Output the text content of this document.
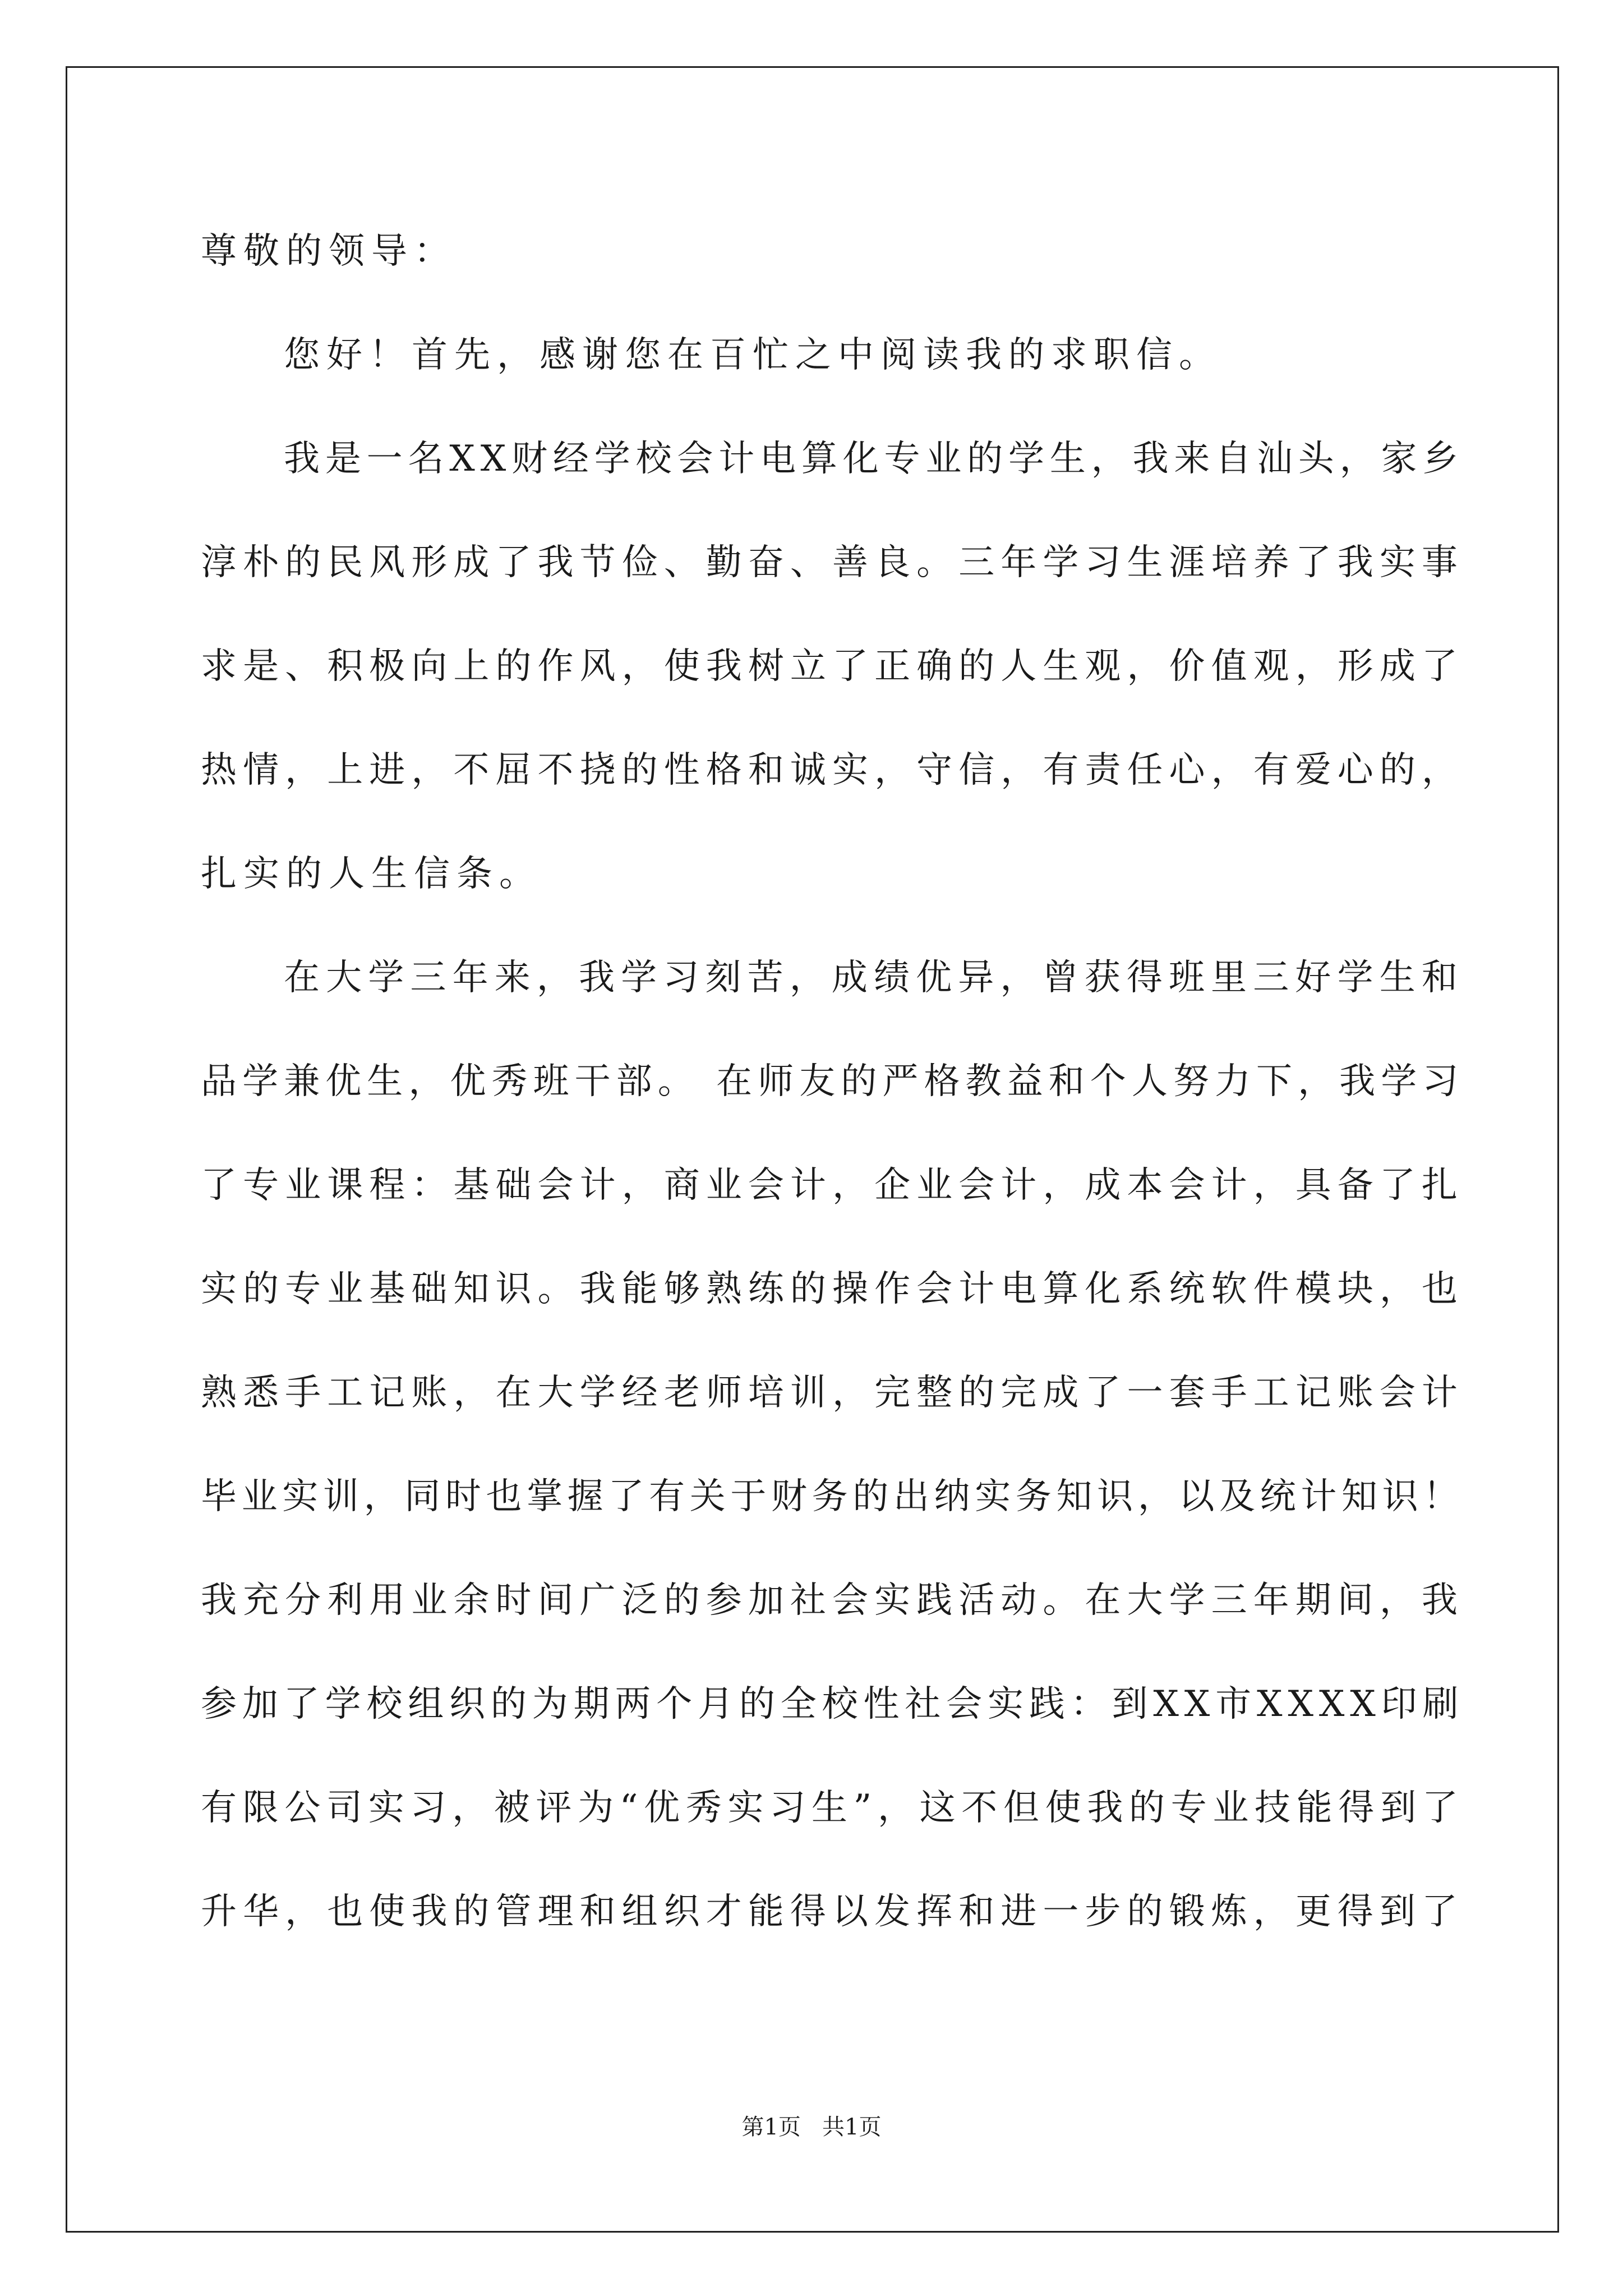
尊敬的领导：
您好！首先，感谢您在百忙之中阅读我的求职信。
我是一名XX财经学校会计电算化专业的学生，我来自汕头，家乡
淳朴的民风形成了我节俭、勤奋、善良。三年学习生涯培养了我实事
求是、积极向上的作风，使我树立了正确的人生观，价值观，形成了
热情，上进，不屈不挠的性格和诚实，守信，有责任心，有爱心的，
扎实的人生信条。
在大学三年来，我学习刻苦，成绩优异，曾获得班里三好学生和
品学兼优生，优秀班干部。 在师友的严格教益和个人努力下，我学习
了专业课程：基础会计，商业会计，企业会计，成本会计，具备了扎
实的专业基础知识。我能够熟练的操作会计电算化系统软件模块，也
熟悉手工记账，在大学经老师培训，完整的完成了一套手工记账会计
毕业实训，同时也掌握了有关于财务的出纳实务知识，以及统计知识！
我充分利用业余时间广泛的参加社会实践活动。在大学三年期间，我
参加了学校组织的为期两个月的全校性社会实践：到XX市XXXX印刷
有限公司实习，被评为“优秀实习生”，这不但使我的专业技能得到了
升华，也使我的管理和组织才能得以发挥和进一步的锻炼，更得到了
第1页   共1页
